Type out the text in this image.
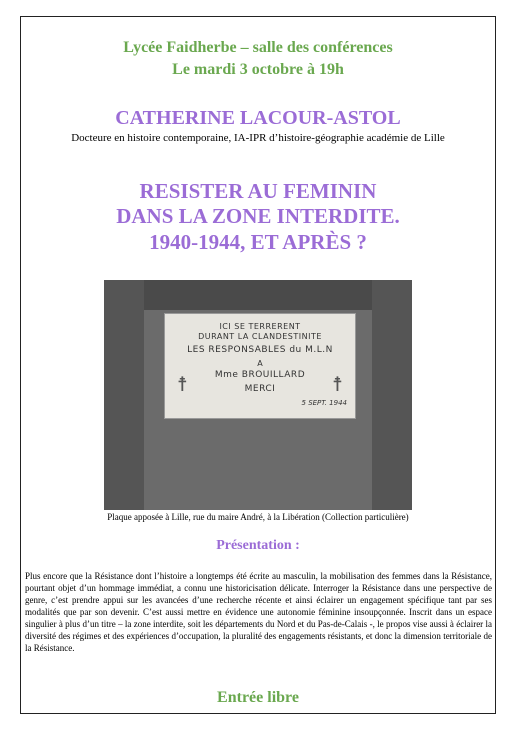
Lycée Faidherbe – salle des conférences
Le mardi 3 octobre à 19h
CATHERINE LACOUR-ASTOL
Docteure en histoire contemporaine, IA-IPR d’histoire-géographie académie de Lille
RESISTER AU FEMININ
DANS LA ZONE INTERDITE.
1940-1944, ET APRÈS ?
ICI SE TERRERENT
DURANT LA CLANDESTINITE
LES RESPONSABLES du M.L.N
A
Mme BROUILLARD
MERCI
5 SEPT. 1944
☨	☨
Plaque apposée à Lille, rue du maire André, à la Libération (Collection particulière)
Présentation :
Plus encore que la Résistance dont l’histoire a longtemps été écrite au masculin, la mobilisation des femmes dans la Résistance, pourtant objet d’un hommage immédiat, a connu une historicisation délicate. Interroger la Résistance dans une perspective de genre, c’est prendre appui sur les avancées d’une recherche récente et ainsi éclairer un engagement spécifique tant par ses modalités que par son devenir. C’est aussi mettre en évidence une autonomie féminine insoupçonnée. Inscrit dans un espace singulier à plus d’un titre – la zone interdite, soit les départements du Nord et du Pas-de-Calais -, le propos vise aussi à éclairer la diversité des régimes et des expériences d’occupation, la pluralité des engagements résistants, et donc la dimension territoriale de la Résistance.
Entrée libre
